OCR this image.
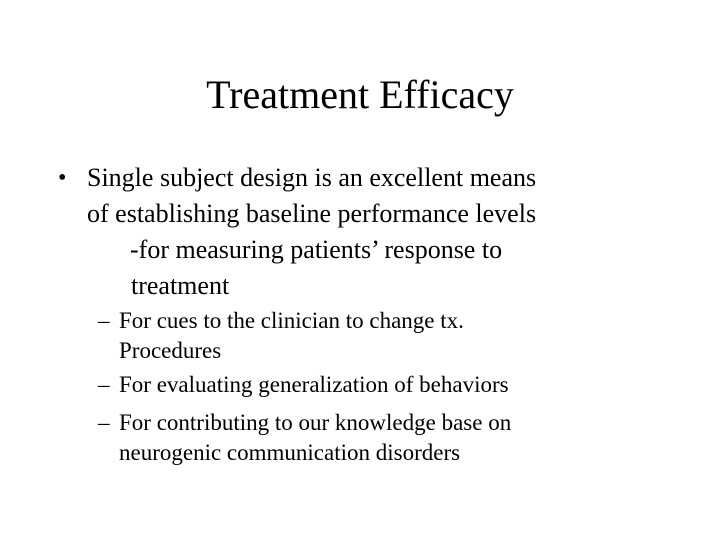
Treatment Efficacy
• Single subject design is an excellent means
of establishing baseline performance levels
-for measuring patients’ response to
treatment
– For cues to the clinician to change tx.
Procedures
– For evaluating generalization of behaviors
– For contributing to our knowledge base on
neurogenic communication disorders
